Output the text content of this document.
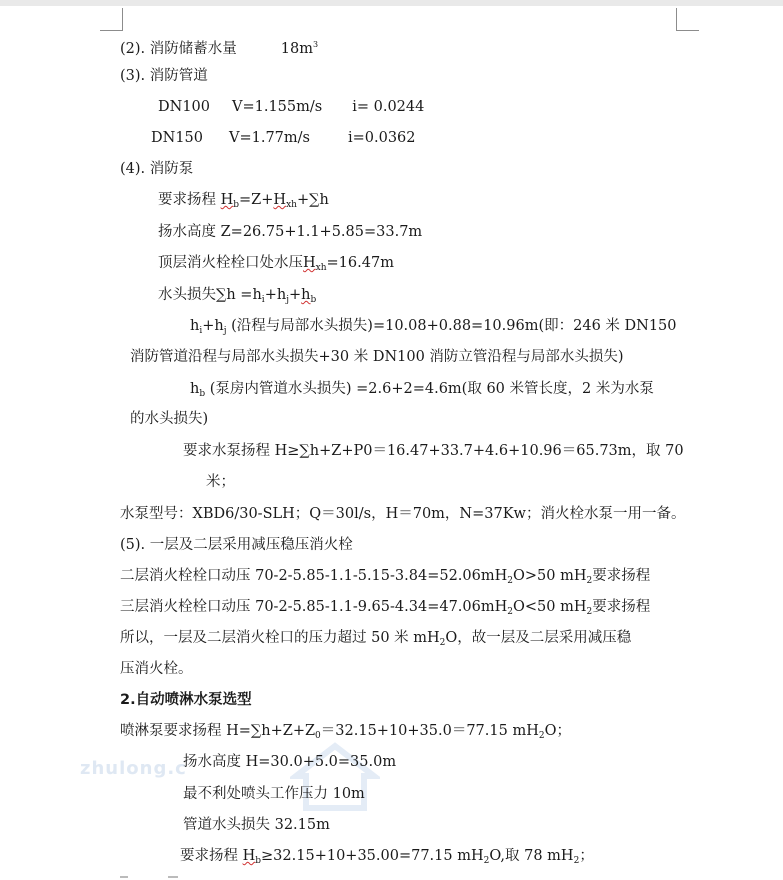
zhulong.c
(2). 消防储蓄水量	$18m^3$
(3). 消防管道
DN100 V=1.155m/s i= 0.0244
DN150 V=1.77m/s	i=0.0362
(4). 消防泵
要求扬程 $H_b=Z+H_{xh}+\sum h$
扬水高度 Z=26.75+1.1+5.85=33.7m
顶层消火栓栓口处水压$H_{xh}=16.47m$
水头损失$\sum h =h_i+h_j+h_b$
$h_i+h_j$ (沿程与局部水头损失)=10.08+0.88=10.96m(即：246 米 DN150
消防管道沿程与局部水头损失+30 米 DN100 消防立管沿程与局部水头损失)
$h_b$ (泵房内管道水头损失) =2.6+2=4.6m(取 60 米管长度，2 米为水泵
的水头损失)
要求水泵扬程 H≥∑h+Z+P0＝16.47+33.7+4.6+10.96＝65.73m，取 70
米；
水泵型号：XBD6/30-SLH；Q＝30l/s，H＝70m，N=37Kw；消火栓水泵一用一备。
(5). 一层及二层采用减压稳压消火栓
二层消火栓栓口动压 $70-2-5.85-1.1-5.15-3.84=52.06mH_2O>50$ $mH_2$要求扬程
三层消火栓栓口动压 $70-2-5.85-1.1-9.65-4.34=47.06mH_2O<50$ $mH_2$要求扬程
所以，一层及二层消火栓口的压力超过 50 米 $mH_2O$，故一层及二层采用减压稳
压消火栓。
2.自动喷淋水泵选型
喷淋泵要求扬程 $H=\sum h+Z+Z_0=32.15+10+35.0=77.15$ $mH_2O$；
扬水高度 H=30.0+5.0=35.0m
最不利处喷头工作压力 10m
管道水头损失 32.15m
要求扬程 $H_b\ge 32.15+10+35.00=77.15$ $mH_2O$,取 78 $mH_2$；
